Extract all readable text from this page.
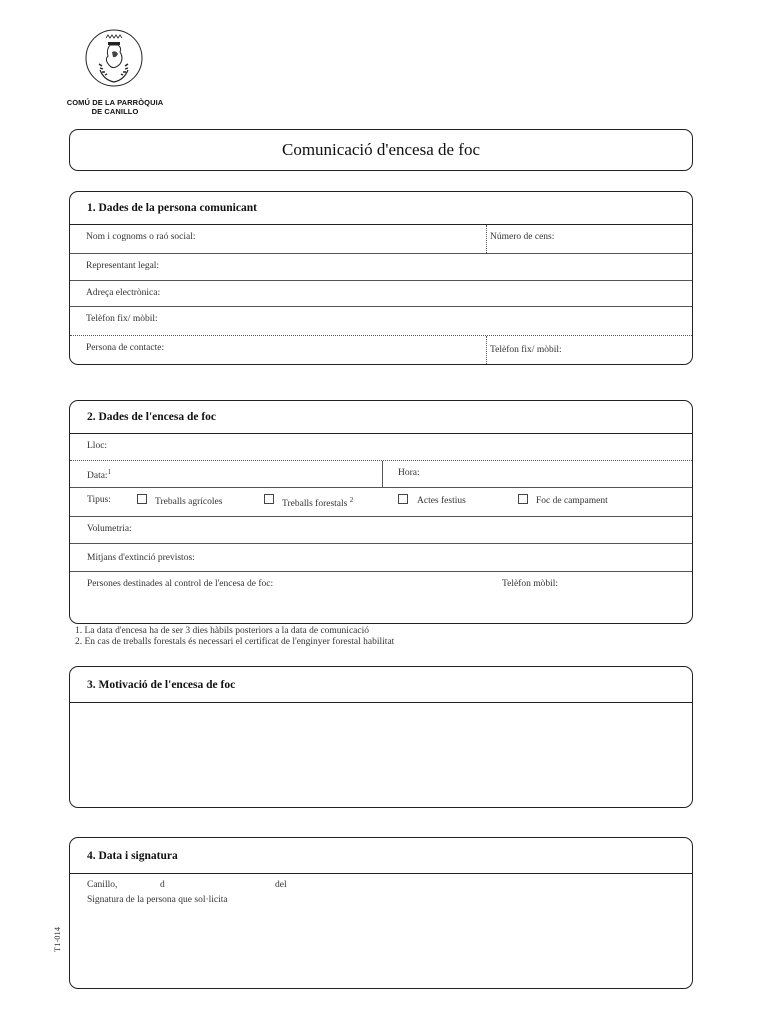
COMÚ DE LA PARRÒQUIA
DE CANILLO
Comunicació d'encesa de foc
1. Dades de la persona comunicant
Nom i cognoms o raó social:	Número de cens:
Representant legal:
Adreça electrònica:
Telèfon fix/ mòbil:
Persona de contacte:	Telèfon fix/ mòbil:
2. Dades de l'encesa de foc
Lloc:
Data:$^1$	Hora:
Tipus:	Treballs agrícoles	Treballs forestals $^2$	Actes festius	Foc de campament
Volumetria:
Mitjans d'extinció previstos:
Persones destinades al control de l'encesa de foc:	Telèfon mòbil:
1. La data d'encesa ha de ser 3 dies hàbils posteriors a la data de comunicació
2. En cas de treballs forestals és necessari el certificat de l'enginyer forestal habilitat
3. Motivació de l'encesa de foc
4. Data i signatura
Canillo,	d	del
Signatura de la persona que sol·licita
T1-014
